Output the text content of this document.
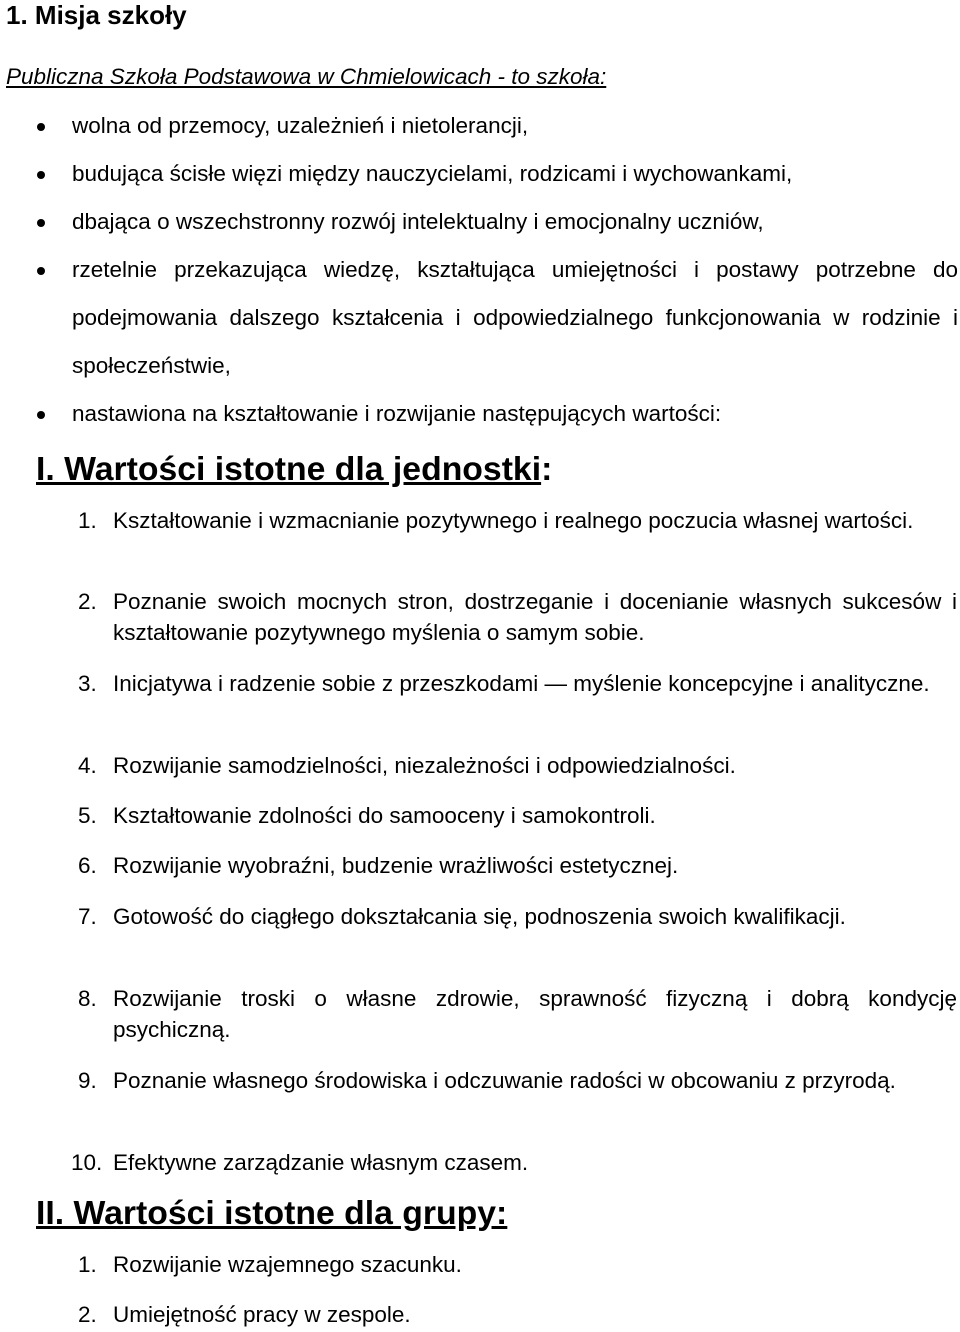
1. Misja szkoły

Publiczna Szkoła Podstawowa w Chmielowicach - to szkoła:

wolna od przemocy, uzależnień i nietolerancji,
budująca ścisłe więzi między nauczycielami, rodzicami i wychowankami,
dbająca o wszechstronny rozwój intelektualny i emocjonalny uczniów,
rzetelnie przekazująca wiedzę, kształtująca umiejętności i postawy potrzebne do podejmowania dalszego kształcenia i odpowiedzialnego funkcjonowania w rodzinie i społeczeństwie,
nastawiona na kształtowanie i rozwijanie następujących wartości:
I. Wartości istotne dla jednostki:
1. Kształtowanie i wzmacnianie pozytywnego i realnego poczucia własnej wartości.
2. Poznanie swoich mocnych stron, dostrzeganie i docenianie własnych sukcesów i kształtowanie pozytywnego myślenia o samym sobie.
3. Inicjatywa i radzenie sobie z przeszkodami — myślenie koncepcyjne i analityczne.
4. Rozwijanie samodzielności, niezależności i odpowiedzialności.
5. Kształtowanie zdolności do samooceny i samokontroli.
6. Rozwijanie wyobraźni, budzenie wrażliwości estetycznej.
7. Gotowość do ciągłego dokształcania się, podnoszenia swoich kwalifikacji.
8. Rozwijanie troski o własne zdrowie, sprawność fizyczną i dobrą kondycję psychiczną.
9. Poznanie własnego środowiska i odczuwanie radości w obcowaniu z przyrodą.
10. Efektywne zarządzanie własnym czasem.
II. Wartości istotne dla grupy:
1. Rozwijanie wzajemnego szacunku.
2. Umiejętność pracy w zespole.
